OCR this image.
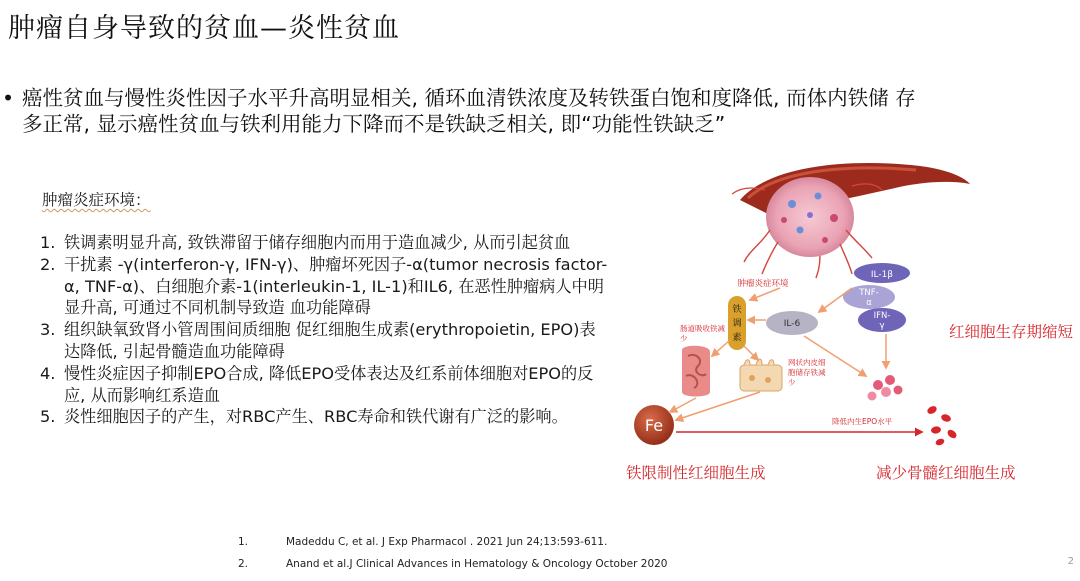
肿瘤自身导致的贫血—炎性贫血
• 癌性贫血与慢性炎性因子水平升高明显相关, 循环血清铁浓度及转铁蛋白饱和度降低, 而体内铁储 存多正常, 显示癌性贫血与铁利用能力下降而不是铁缺乏相关, 即“功能性铁缺乏”
肿瘤炎症环境：
1. 铁调素明显升高, 致铁滞留于储存细胞内而用于造血减少, 从而引起贫血
2. 干扰素 -γ(interferon-γ, IFN-γ)、肿瘤坏死因子-α(tumor necrosis factor-α, TNF-α)、白细胞介素-1(interleukin-1, IL-1)和IL6, 在恶性肿瘤病人中明显升高, 可通过不同机制导致造 血功能障碍
3. 组织缺氧致肾小管周围间质细胞 促红细胞生成素(erythropoietin, EPO)表达降低, 引起骨髓造血功能障碍
4. 慢性炎症因子抑制EPO合成, 降低EPO受体表达及红系前体细胞对EPO的反应, 从而影响红系造血
5. 炎性细胞因子的产生，对RBC产生、RBC寿命和铁代谢有广泛的影响。
1.	Madeddu C, et al. J Exp Pharmacol . 2021 Jun 24;13:593-611.
2.	Anand et al.J Clinical Advances in Hematology & Oncology October 2020	2
肿瘤炎症环境
IL-1β
TNF-
α
IFN-
γ
IL-6
铁
调
素
肠道吸收铁减
少
网状内皮细
胞储存铁减
少
Fe	降低内生EPO水平
红细胞生存期缩短
铁限制性红细胞生成	减少骨髓红细胞生成
